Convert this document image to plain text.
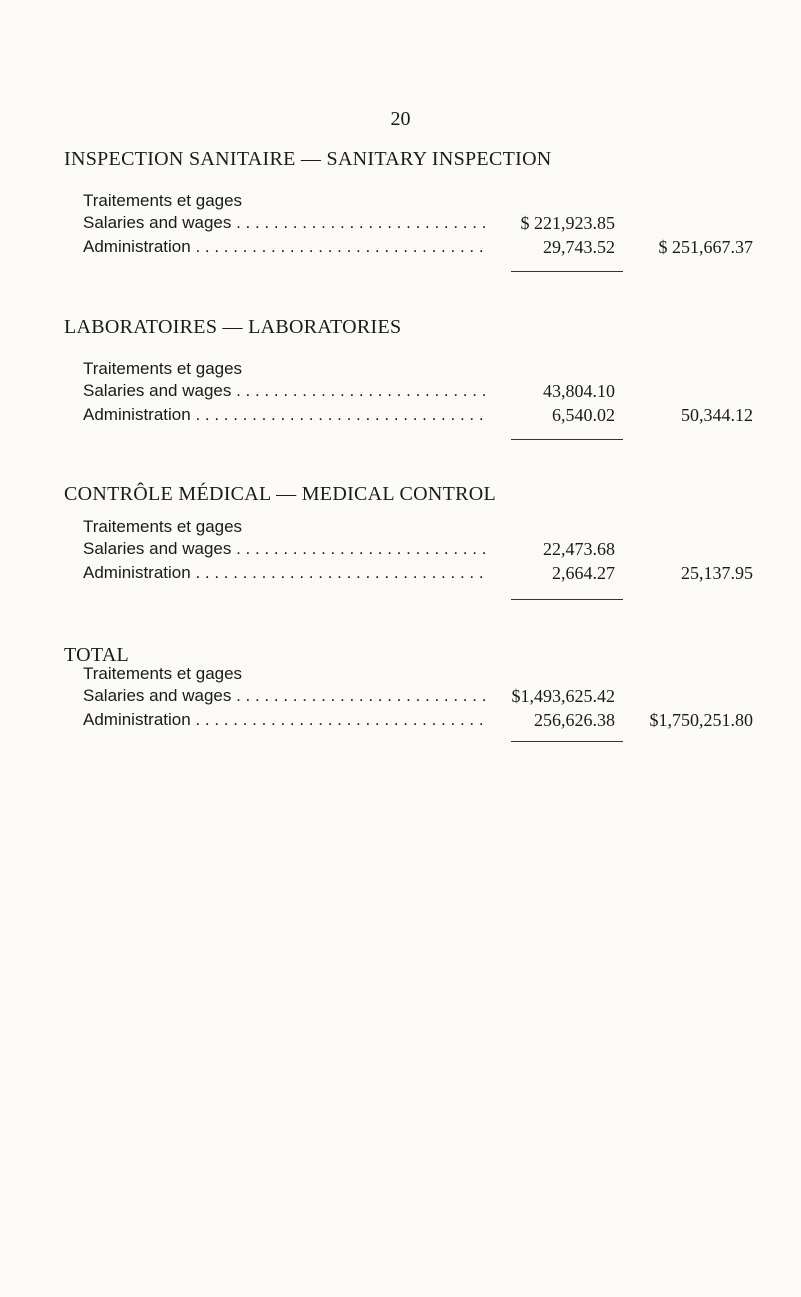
20
INSPECTION SANITAIRE — SANITARY INSPECTION
Traitements et gages
Salaries and wages . . .	$ 221,923.85
Administration . . .	29,743.52	$ 251,667.37
LABORATOIRES — LABORATORIES
Traitements et gages
Salaries and wages . . .	43,804.10
Administration . . .	6,540.02	50,344.12
CONTRÔLE MÉDICAL — MEDICAL CONTROL
Traitements et gages
Salaries and wages . . .	22,473.68
Administration . . .	2,664.27	25,137.95
TOTAL
Traitements et gages
Salaries and wages . . .	$1,493,625.42
Administration . . .	256,626.38	$1,750,251.80
